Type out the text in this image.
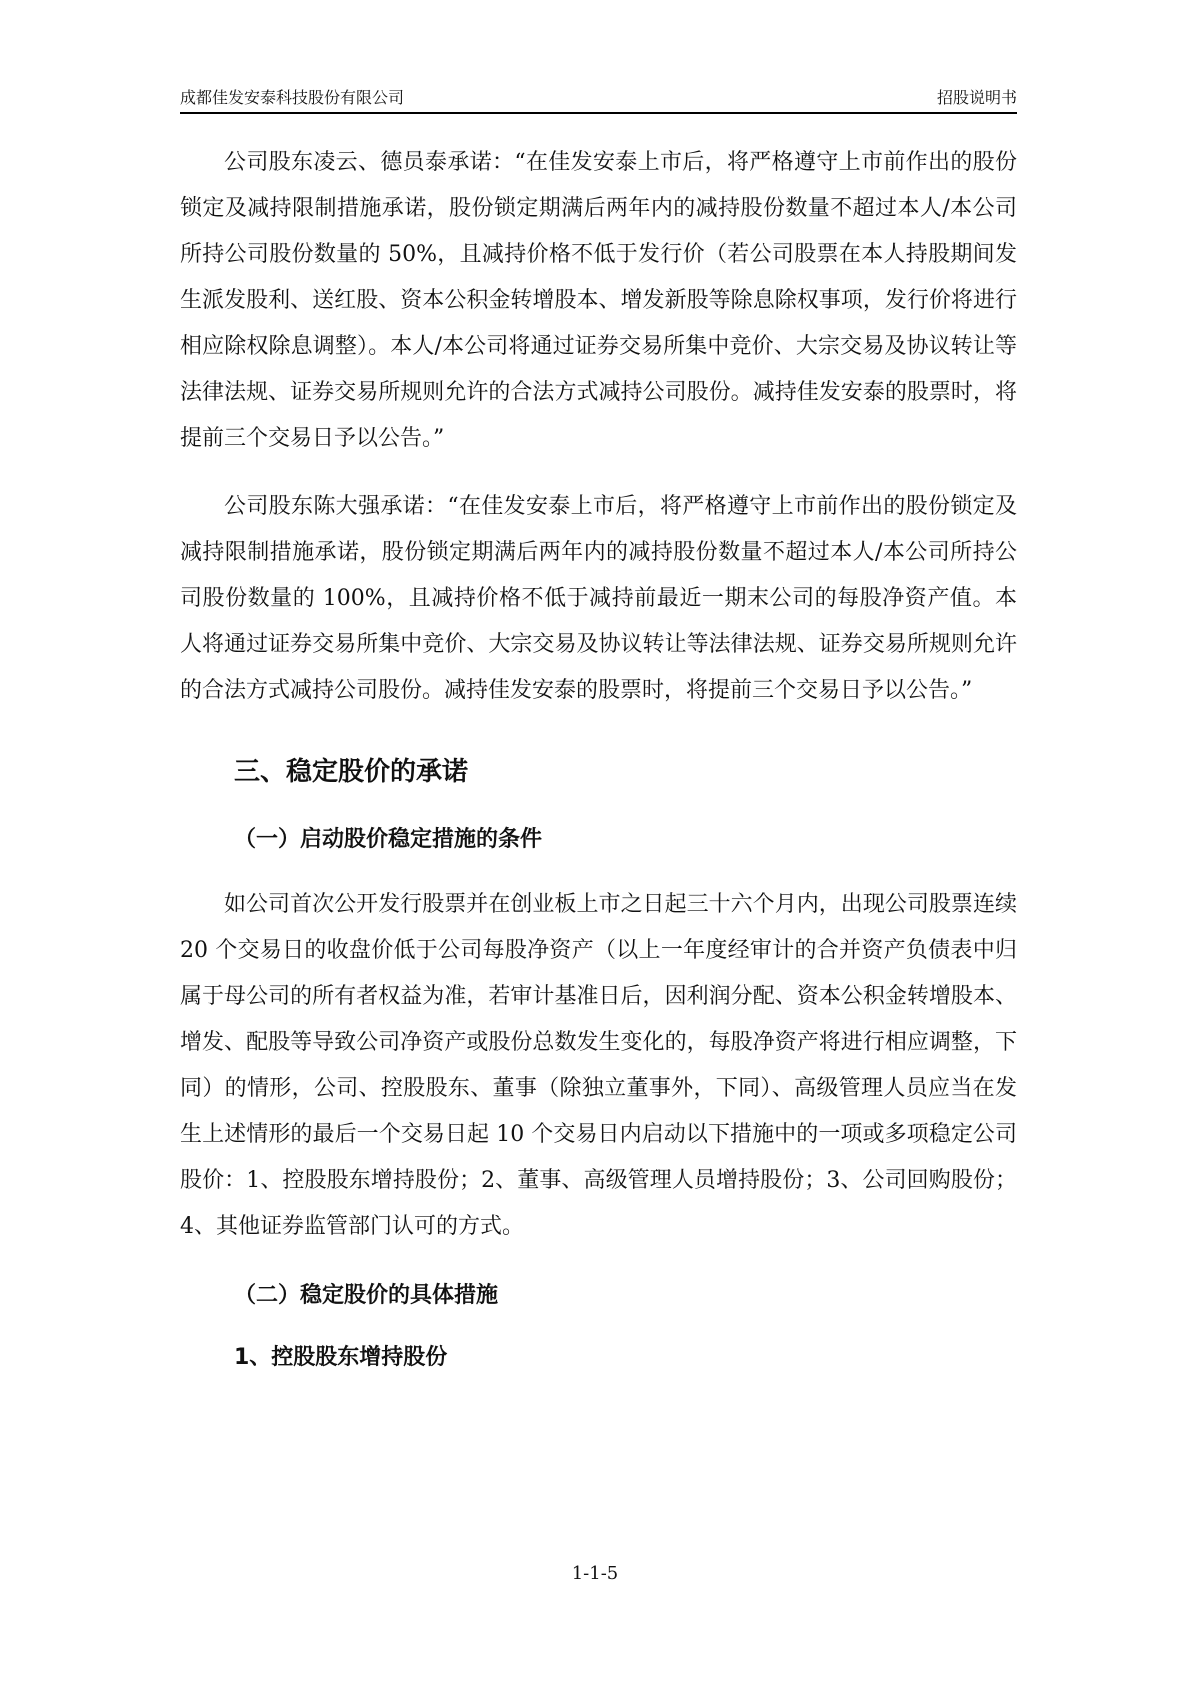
成都佳发安泰科技股份有限公司	招股说明书

公司股东凌云、德员泰承诺：“在佳发安泰上市后，将严格遵守上市前作出的股份锁定及减持限制措施承诺，股份锁定期满后两年内的减持股份数量不超过本人/本公司所持公司股份数量的 50%，且减持价格不低于发行价（若公司股票在本人持股期间发生派发股利、送红股、资本公积金转增股本、增发新股等除息除权事项，发行价将进行相应除权除息调整）。本人/本公司将通过证券交易所集中竞价、大宗交易及协议转让等法律法规、证券交易所规则允许的合法方式减持公司股份。减持佳发安泰的股票时，将提前三个交易日予以公告。”

公司股东陈大强承诺：“在佳发安泰上市后，将严格遵守上市前作出的股份锁定及减持限制措施承诺，股份锁定期满后两年内的减持股份数量不超过本人/本公司所持公司股份数量的 100%，且减持价格不低于减持前最近一期末公司的每股净资产值。本人将通过证券交易所集中竞价、大宗交易及协议转让等法律法规、证券交易所规则允许的合法方式减持公司股份。减持佳发安泰的股票时，将提前三个交易日予以公告。”

三、稳定股价的承诺
（一）启动股价稳定措施的条件

如公司首次公开发行股票并在创业板上市之日起三十六个月内，出现公司股票连续 20 个交易日的收盘价低于公司每股净资产（以上一年度经审计的合并资产负债表中归属于母公司的所有者权益为准，若审计基准日后，因利润分配、资本公积金转增股本、增发、配股等导致公司净资产或股份总数发生变化的，每股净资产将进行相应调整，下同）的情形，公司、控股股东、董事（除独立董事外，下同）、高级管理人员应当在发生上述情形的最后一个交易日起 10 个交易日内启动以下措施中的一项或多项稳定公司股价：1、控股股东增持股份；2、董事、高级管理人员增持股份；3、公司回购股份；4、其他证券监管部门认可的方式。

（二）稳定股价的具体措施
1、控股股东增持股份
1-1-5
